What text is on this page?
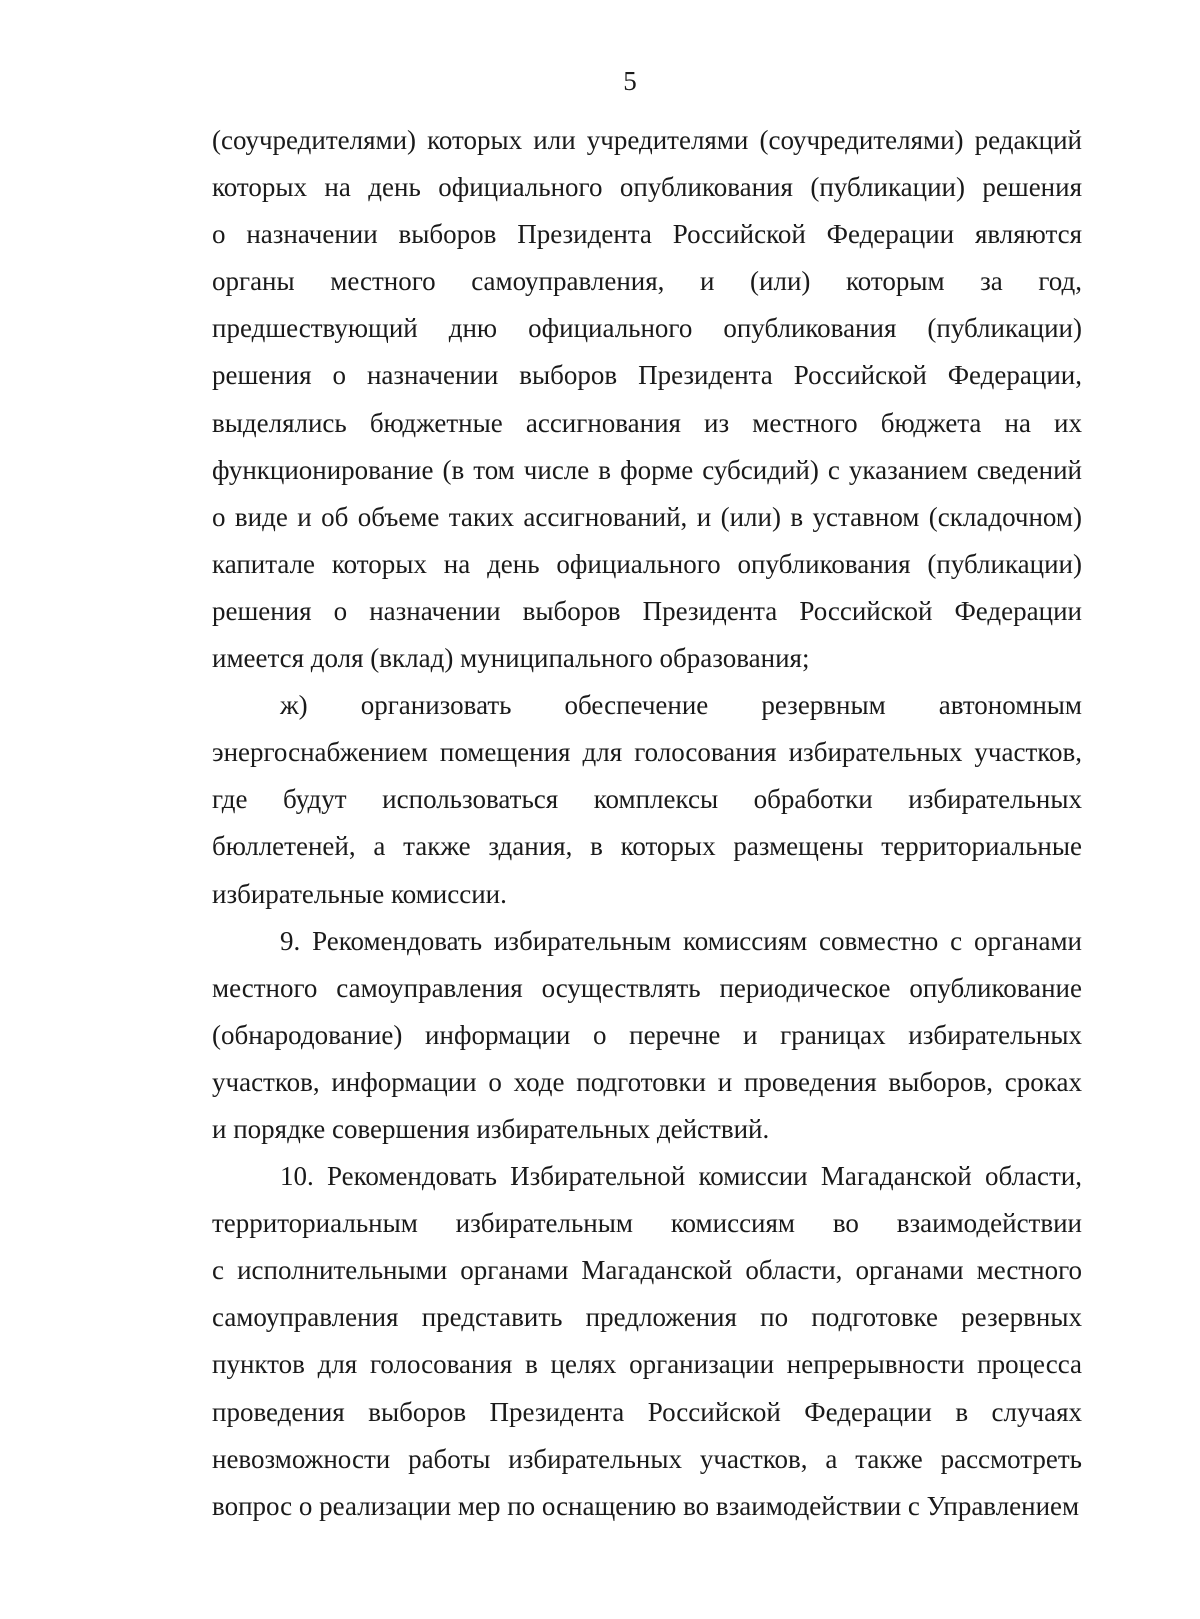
5
(соучредителями) которых или учредителями (соучредителями) редакций
которых на день официального опубликования (публикации) решения
о назначении выборов Президента Российской Федерации являются
органы местного самоуправления, и (или) которым за год,
предшествующий дню официального опубликования (публикации)
решения о назначении выборов Президента Российской Федерации,
выделялись бюджетные ассигнования из местного бюджета на их
функционирование (в том числе в форме субсидий) с указанием сведений
о виде и об объеме таких ассигнований, и (или) в уставном (складочном)
капитале которых на день официального опубликования (публикации)
решения о назначении выборов Президента Российской Федерации
имеется доля (вклад) муниципального образования;
ж) организовать обеспечение резервным автономным
энергоснабжением помещения для голосования избирательных участков,
где будут использоваться комплексы обработки избирательных
бюллетеней, а также здания, в которых размещены территориальные
избирательные комиссии.
9. Рекомендовать избирательным комиссиям совместно с органами
местного самоуправления осуществлять периодическое опубликование
(обнародование) информации о перечне и границах избирательных
участков, информации о ходе подготовки и проведения выборов, сроках
и порядке совершения избирательных действий.
10. Рекомендовать Избирательной комиссии Магаданской области,
территориальным избирательным комиссиям во взаимодействии
с исполнительными органами Магаданской области, органами местного
самоуправления представить предложения по подготовке резервных
пунктов для голосования в целях организации непрерывности процесса
проведения выборов Президента Российской Федерации в случаях
невозможности работы избирательных участков, а также рассмотреть
вопрос о реализации мер по оснащению во взаимодействии с Управлением
